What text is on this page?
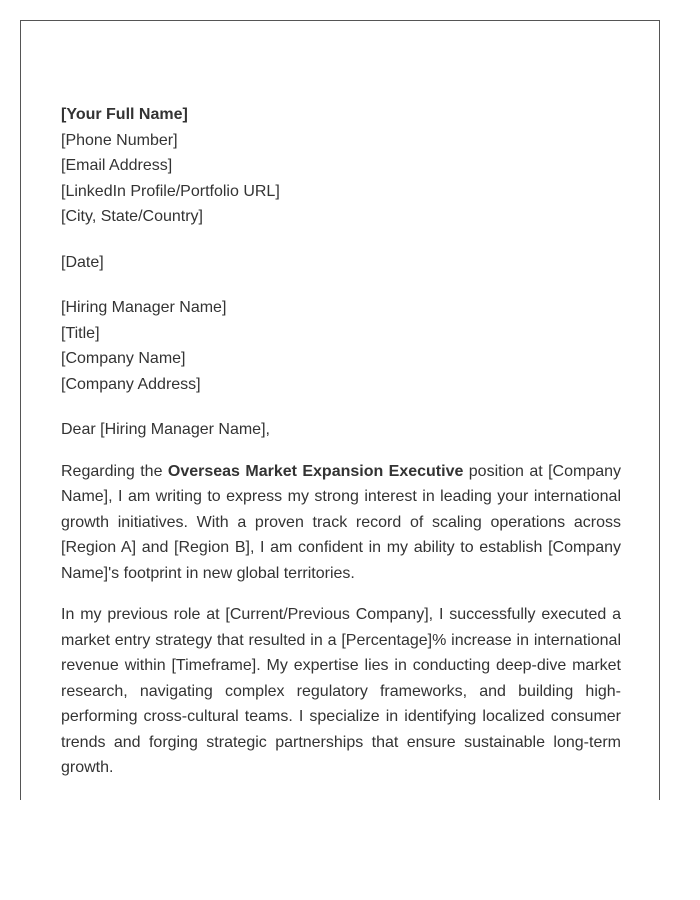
[Your Full Name]
[Phone Number]
[Email Address]
[LinkedIn Profile/Portfolio URL]
[City, State/Country]
[Date]
[Hiring Manager Name]
[Title]
[Company Name]
[Company Address]
Dear [Hiring Manager Name],

Regarding the Overseas Market Expansion Executive position at [Company Name], I am writing to express my strong interest in leading your international growth initiatives. With a proven track record of scaling operations across [Region A] and [Region B], I am confident in my ability to establish [Company Name]'s footprint in new global territories.

In my previous role at [Current/Previous Company], I successfully executed a market entry strategy that resulted in a [Percentage]% increase in international revenue within [Timeframe]. My expertise lies in conducting deep-dive market research, navigating complex regulatory frameworks, and building high-performing cross-cultural teams. I specialize in identifying localized consumer trends and forging strategic partnerships that ensure sustainable long-term growth.
